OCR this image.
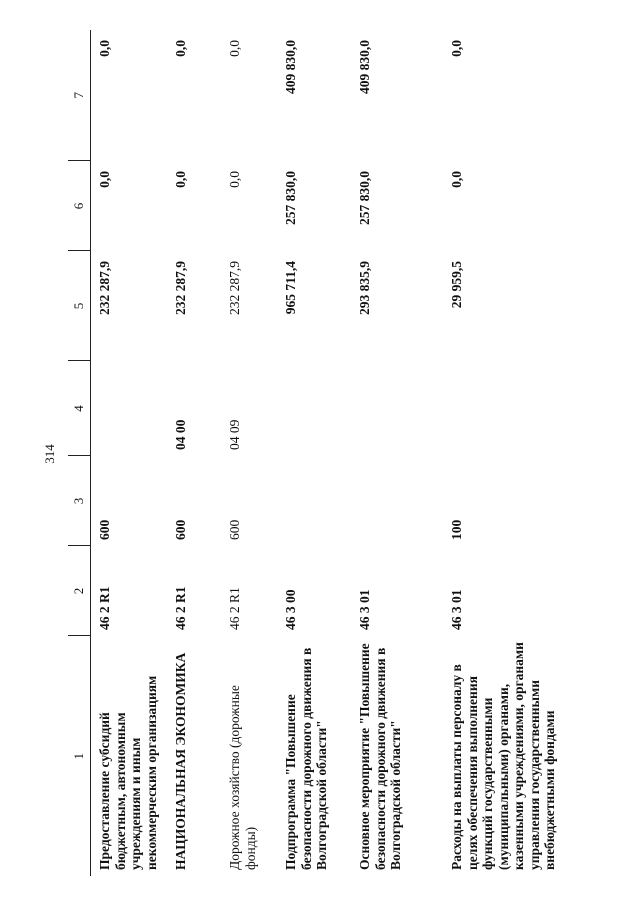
314
1	2	3	4	5	6	7
Предоставление субсидий бюджетным, автономным учреждениям и иным некоммерческим организациям	46 2 R1	600		232 287,9	0,0	0,0
НАЦИОНАЛЬНАЯ ЭКОНОМИКА	46 2 R1	600	04 00	232 287,9	0,0	0,0
Дорожное хозяйство (дорожные фонды)	46 2 R1	600	04 09	232 287,9	0,0	0,0
Подпрограмма "Повышение безопасности дорожного движения в Волгоградской области"	46 3 00			965 711,4	257 830,0	409 830,0
Основное мероприятие "Повышение безопасности дорожного движения в Волгоградской области"	46 3 01			293 835,9	257 830,0	409 830,0
Расходы на выплаты персоналу в целях обеспечения выполнения функций государственными (муниципальными) органами, казенными учреждениями, органами управления государственными внебюджетными фондами	46 3 01	100		29 959,5	0,0	0,0
